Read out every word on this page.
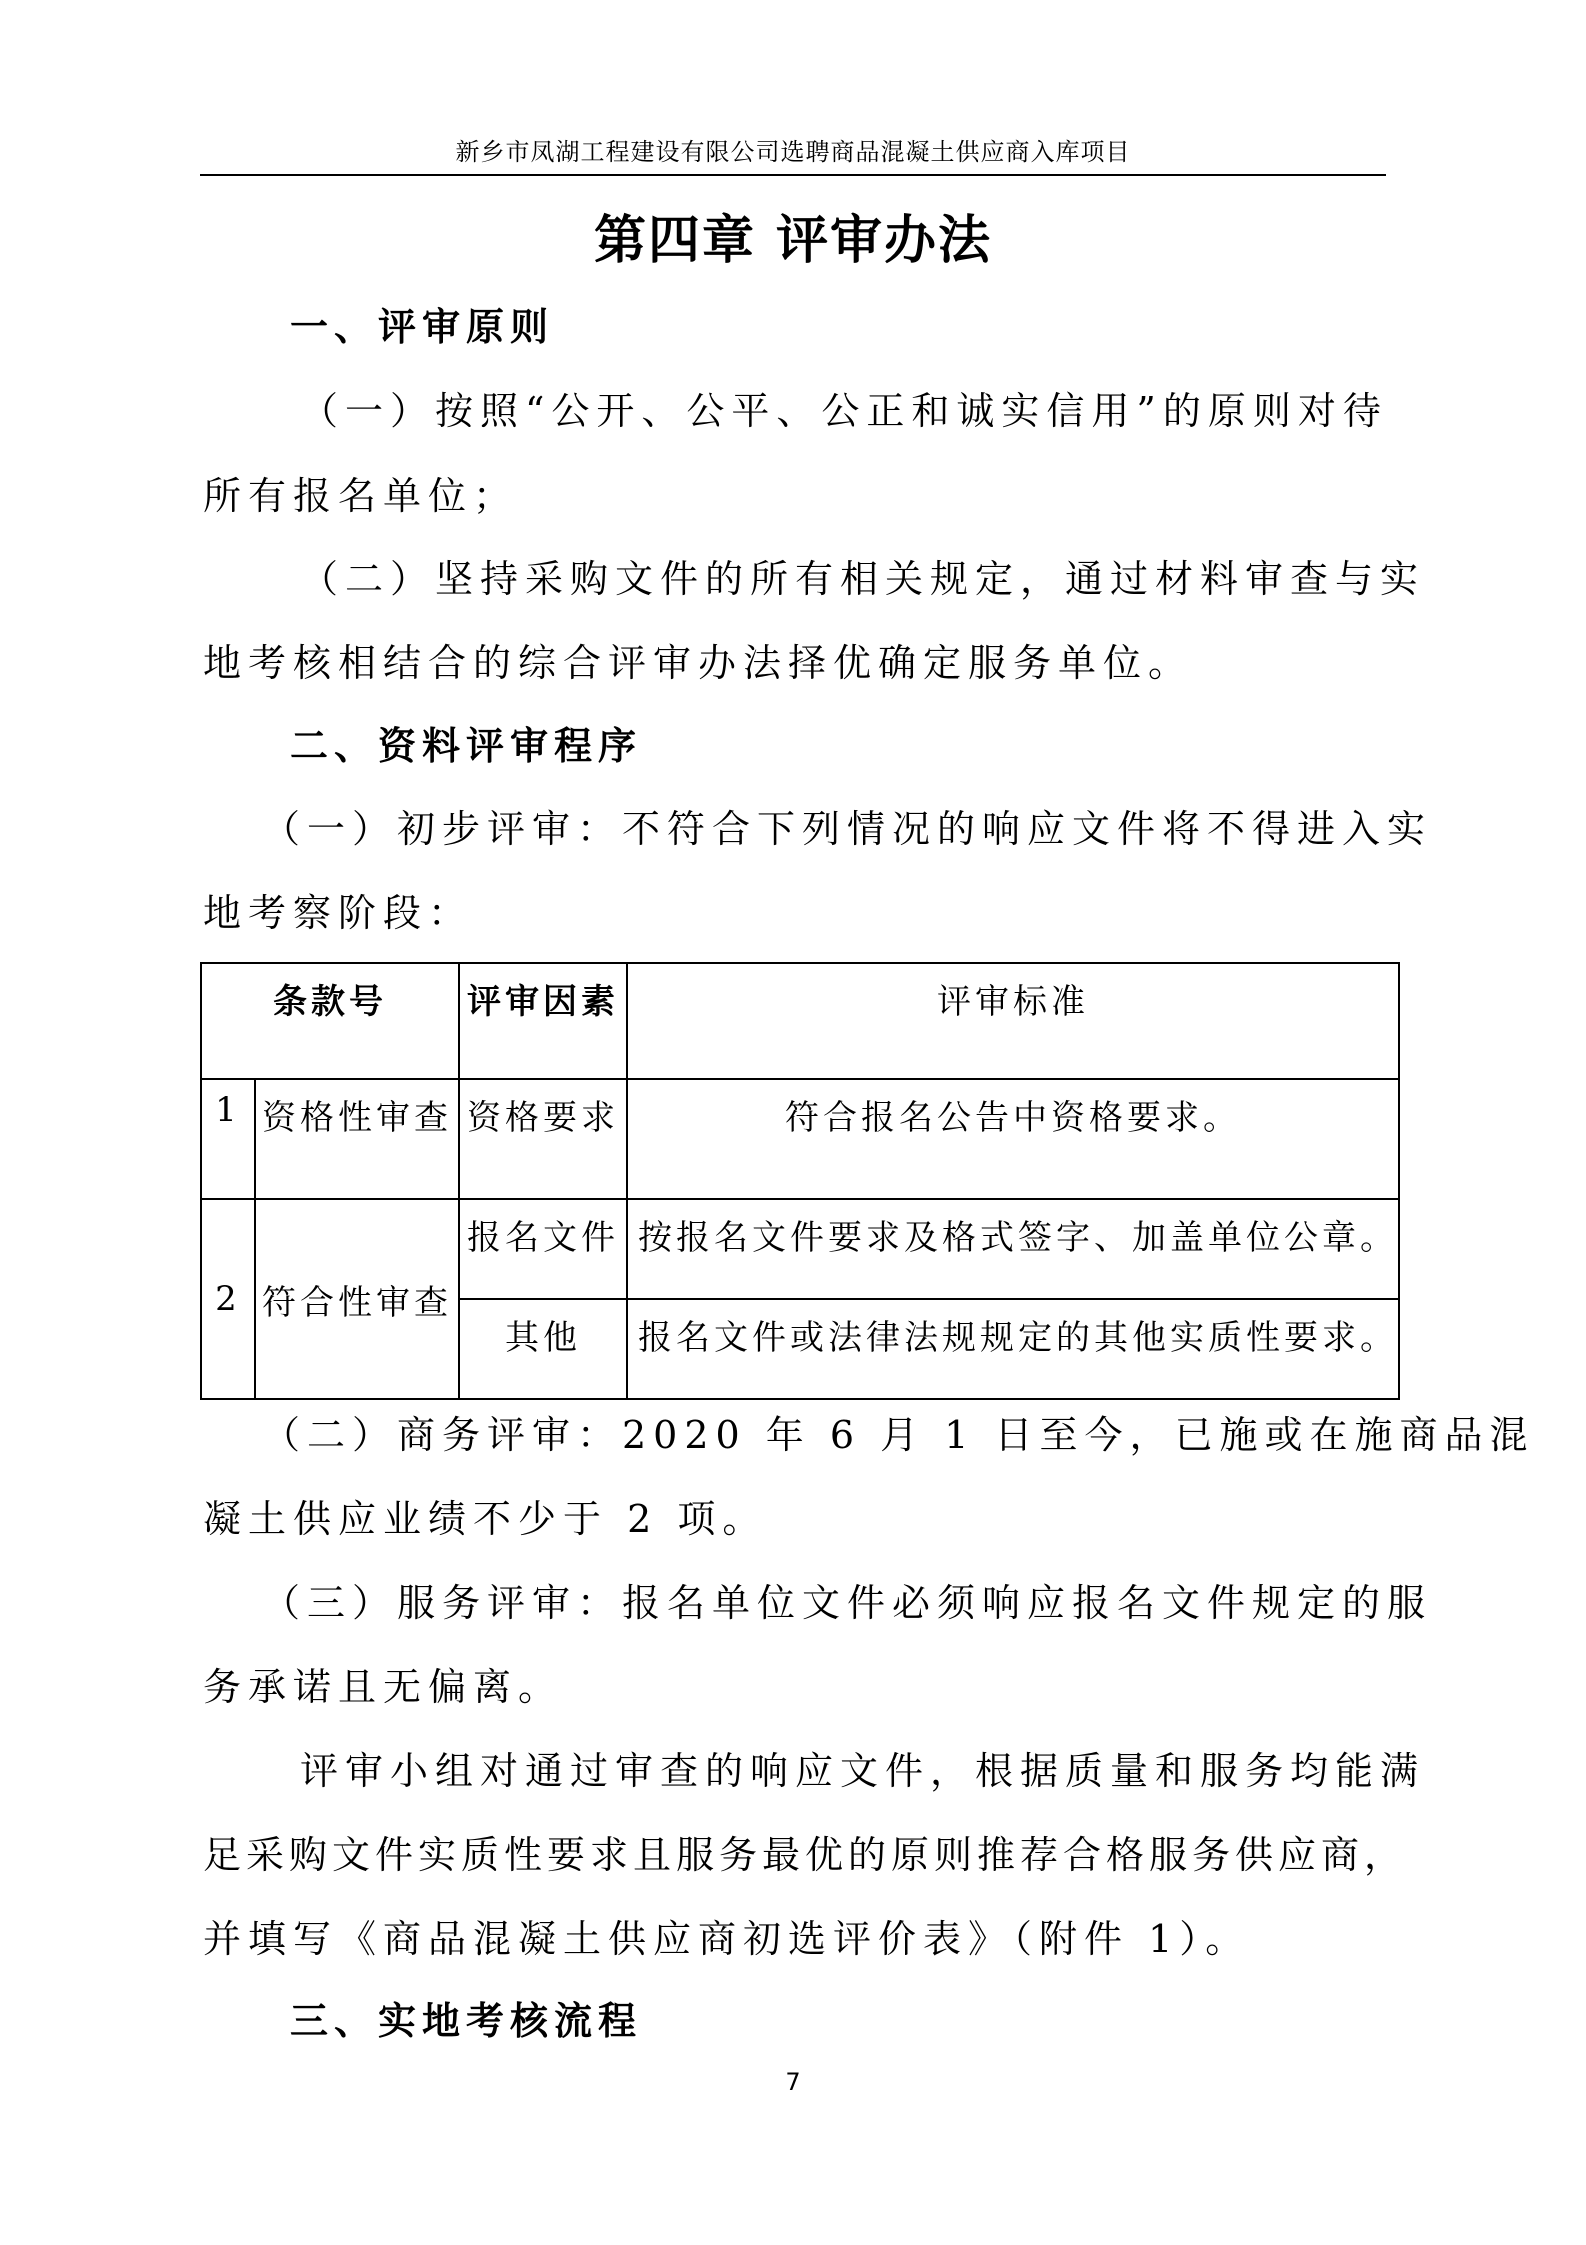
新乡市凤湖工程建设有限公司选聘商品混凝土供应商入库项目
第四章 评审办法
一、评审原则
（一）按照“公开、公平、公正和诚实信用”的原则对待
所有报名单位；
（二）坚持采购文件的所有相关规定，通过材料审查与实
地考核相结合的综合评审办法择优确定服务单位。
二、资料评审程序
（一）初步评审：不符合下列情况的响应文件将不得进入实
地考察阶段：
条款号		评审因素	评审标准

1	资格性审查	资格要求	符合报名公告中资格要求。

2	符合性审查	报名文件	按报名文件要求及格式签字、加盖单位公章。

		其他	报名文件或法律法规规定的其他实质性要求。
（二）商务评审：2020 年 6 月 1 日至今，已施或在施商品混
凝土供应业绩不少于 2 项。
（三）服务评审：报名单位文件必须响应报名文件规定的服
务承诺且无偏离。
评审小组对通过审查的响应文件，根据质量和服务均能满
足采购文件实质性要求且服务最优的原则推荐合格服务供应商，
并填写《商品混凝土供应商初选评价表》（附件 1）。
三、实地考核流程
7
